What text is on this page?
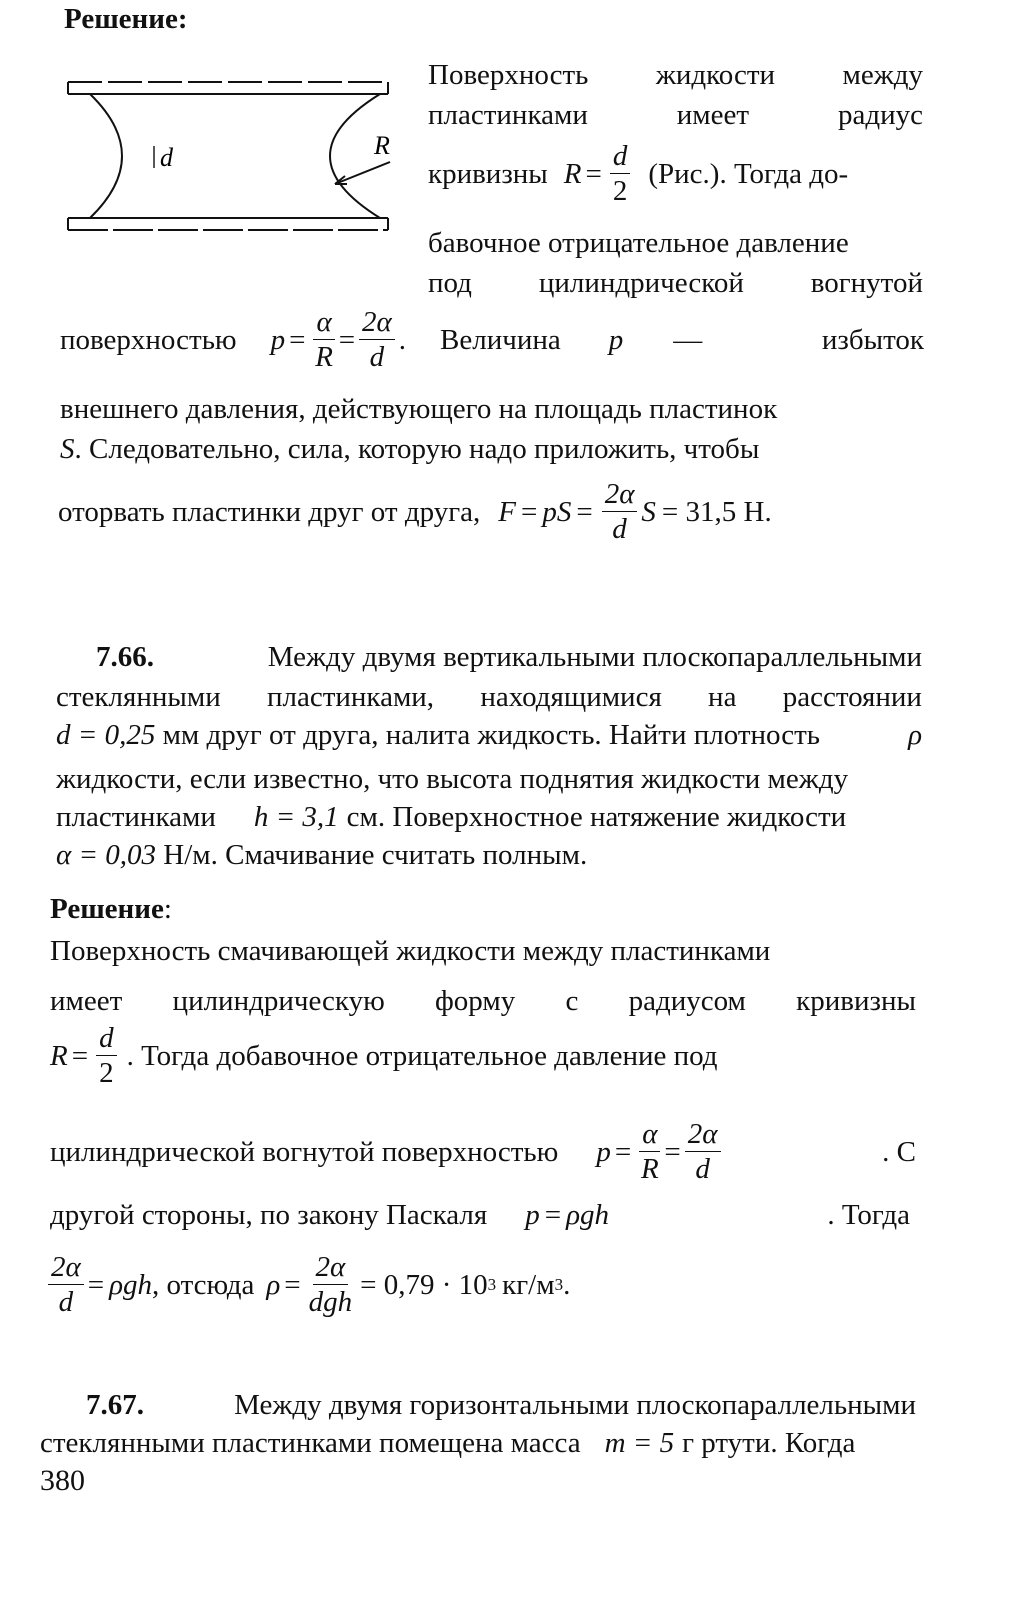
Решение:
d	R
Поверхность жидкости между
пластинками	имеет	радиус
кривизны $R = \frac{d}{2} (Рис.)$. Тогда до-
бавочное отрицательное давление
под цилиндрической вогнутой
поверхностью $p = \frac{\alpha}{R} = \frac{2\alpha}{d}$ . Величина p —	избыток
внешнего давления, действующего на площадь пластинок
S. Следовательно, сила, которую надо приложить, чтобы
оторвать пластинки друг от друга, F = pS = $\frac{2\alpha}{d}$ S = 31,5 Н.
7.66.	Между двумя вертикальными плоскопараллельными
стеклянными пластинками, находящимися на расстоянии
d = 0,25 мм друг от друга, налита жидкость. Найти плотность	ρ
жидкости, если известно, что высота поднятия жидкости между
пластинками h = 3,1 см. Поверхностное натяжение жидкости
α = 0,03 Н/м. Смачивание считать полным.
Решение:
Поверхность смачивающей жидкости между пластинками
имеет цилиндрическую форму с радиусом кривизны
$R = \frac{d}{2}$ . Тогда добавочное отрицательное давление под
цилиндрической вогнутой поверхностью $p = \frac{\alpha}{R} = \frac{2\alpha}{d}$	. С
другой стороны, по закону Паскаля p = ρgh	. Тогда
$\frac{2\alpha}{d} = \rho gh$ , отсюда $\rho = \frac{2\alpha}{\text{dgh}} = 0,79 \cdot 10$ 3 кг/м 3 .
7.67.	Между двумя горизонтальными плоскопараллельными
стеклянными пластинками помещена масса m = 5 г ртути. Когда
380
